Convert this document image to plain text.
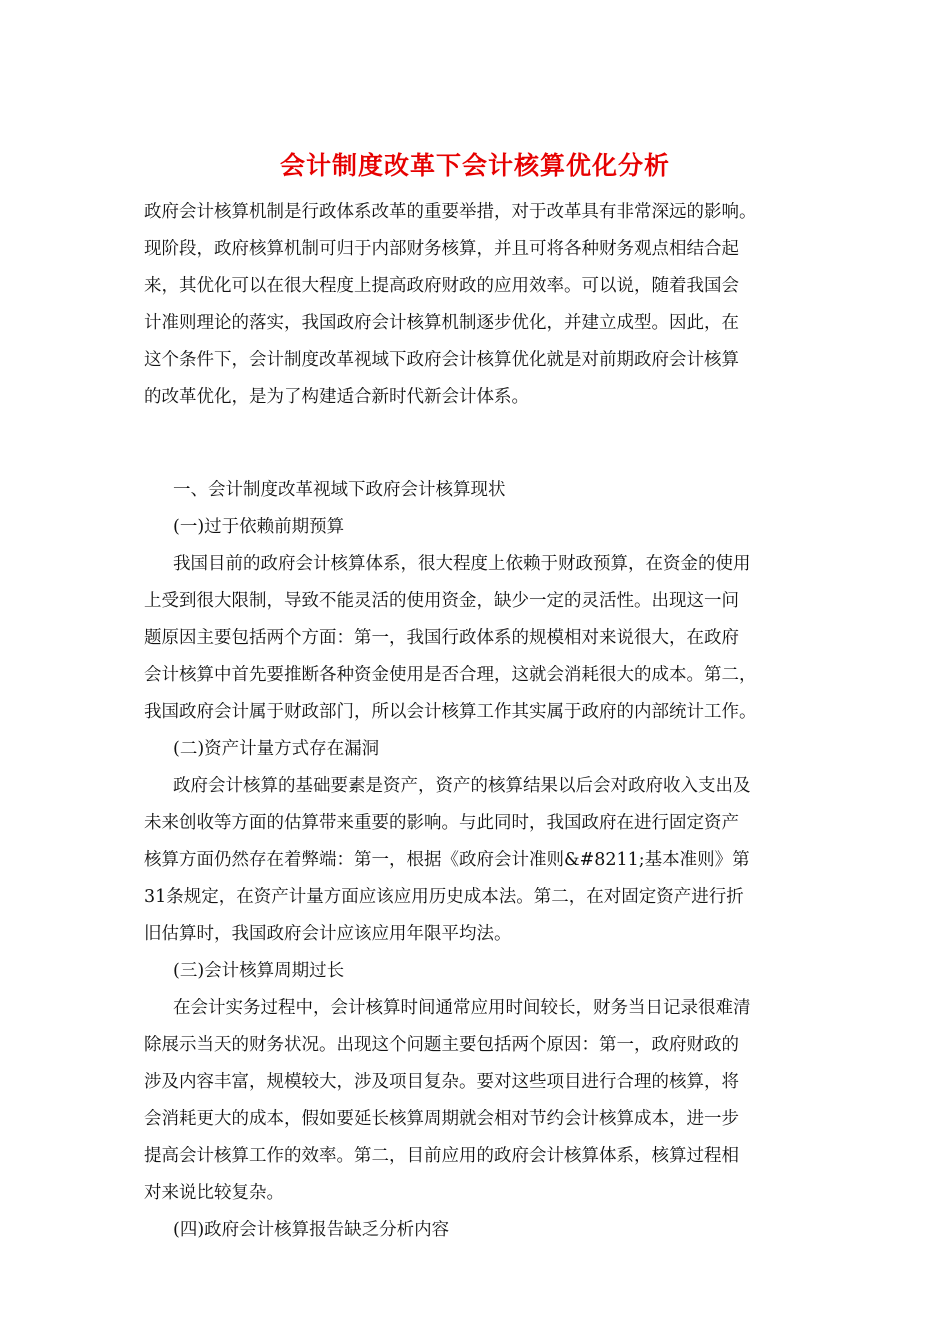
会计制度改革下会计核算优化分析
政府会计核算机制是行政体系改革的重要举措，对于改革具有非常深远的影响。
现阶段，政府核算机制可归于内部财务核算，并且可将各种财务观点相结合起
来，其优化可以在很大程度上提高政府财政的应用效率。可以说，随着我国会
计准则理论的落实，我国政府会计核算机制逐步优化，并建立成型。因此，在
这个条件下，会计制度改革视域下政府会计核算优化就是对前期政府会计核算
的改革优化，是为了构建适合新时代新会计体系。
一、会计制度改革视域下政府会计核算现状
(一)过于依赖前期预算
我国目前的政府会计核算体系，很大程度上依赖于财政预算，在资金的使用
上受到很大限制，导致不能灵活的使用资金，缺少一定的灵活性。出现这一问
题原因主要包括两个方面：第一，我国行政体系的规模相对来说很大，在政府
会计核算中首先要推断各种资金使用是否合理，这就会消耗很大的成本。第二，
我国政府会计属于财政部门，所以会计核算工作其实属于政府的内部统计工作。
(二)资产计量方式存在漏洞
政府会计核算的基础要素是资产，资产的核算结果以后会对政府收入支出及
未来创收等方面的估算带来重要的影响。与此同时，我国政府在进行固定资产
核算方面仍然存在着弊端：第一，根据《政府会计准则&#8211;基本准则》第
31条规定，在资产计量方面应该应用历史成本法。第二，在对固定资产进行折
旧估算时，我国政府会计应该应用年限平均法。
(三)会计核算周期过长
在会计实务过程中，会计核算时间通常应用时间较长，财务当日记录很难清
除展示当天的财务状况。出现这个问题主要包括两个原因：第一，政府财政的
涉及内容丰富，规模较大，涉及项目复杂。要对这些项目进行合理的核算，将
会消耗更大的成本，假如要延长核算周期就会相对节约会计核算成本，进一步
提高会计核算工作的效率。第二，目前应用的政府会计核算体系，核算过程相
对来说比较复杂。
(四)政府会计核算报告缺乏分析内容
